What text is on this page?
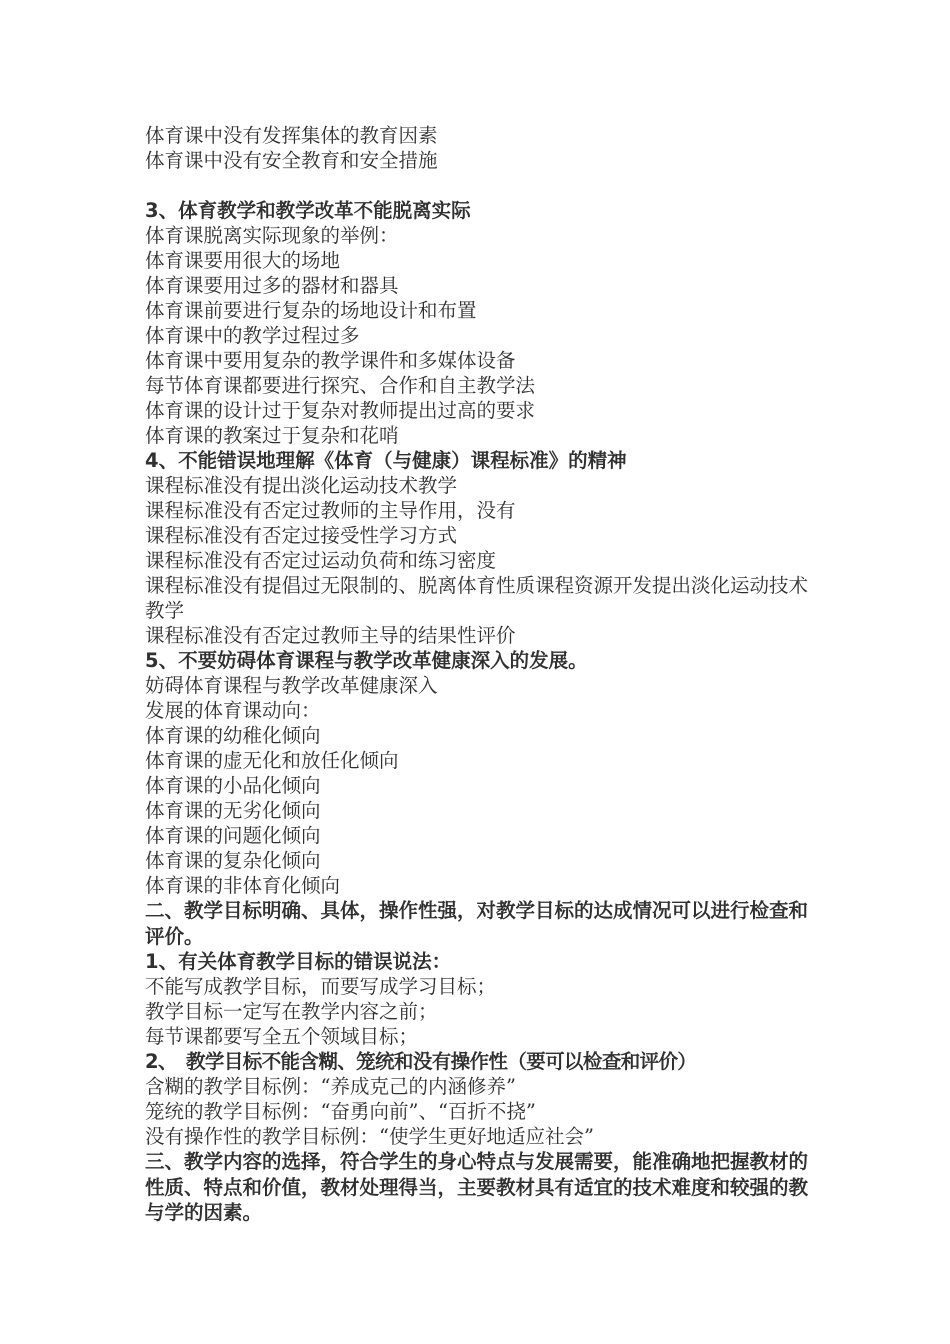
体育课中没有发挥集体的教育因素
体育课中没有安全教育和安全措施
3、体育教学和教学改革不能脱离实际
体育课脱离实际现象的举例：
体育课要用很大的场地
体育课要用过多的器材和器具
体育课前要进行复杂的场地设计和布置
体育课中的教学过程过多
体育课中要用复杂的教学课件和多媒体设备
每节体育课都要进行探究、合作和自主教学法
体育课的设计过于复杂对教师提出过高的要求
体育课的教案过于复杂和花哨
4、不能错误地理解《体育（与健康）课程标准》的精神
课程标准没有提出淡化运动技术教学
课程标准没有否定过教师的主导作用，没有
课程标准没有否定过接受性学习方式
课程标准没有否定过运动负荷和练习密度
课程标准没有提倡过无限制的、脱离体育性质课程资源开发提出淡化运动技术教学
课程标准没有否定过教师主导的结果性评价
5、不要妨碍体育课程与教学改革健康深入的发展。
妨碍体育课程与教学改革健康深入
发展的体育课动向：
体育课的幼稚化倾向
体育课的虚无化和放任化倾向
体育课的小品化倾向
体育课的无劣化倾向
体育课的问题化倾向
体育课的复杂化倾向
体育课的非体育化倾向
二、教学目标明确、具体，操作性强，对教学目标的达成情况可以进行检查和评价。
1、有关体育教学目标的错误说法：
不能写成教学目标，而要写成学习目标；
教学目标一定写在教学内容之前；
每节课都要写全五个领域目标；
2、　教学目标不能含糊、笼统和没有操作性（要可以检查和评价）
含糊的教学目标例：“养成克己的内涵修养”
笼统的教学目标例：“奋勇向前”、“百折不挠”
没有操作性的教学目标例：“使学生更好地适应社会”
三、教学内容的选择，符合学生的身心特点与发展需要，能准确地把握教材的性质、特点和价值，教材处理得当，主要教材具有适宜的技术难度和较强的教与学的因素。
